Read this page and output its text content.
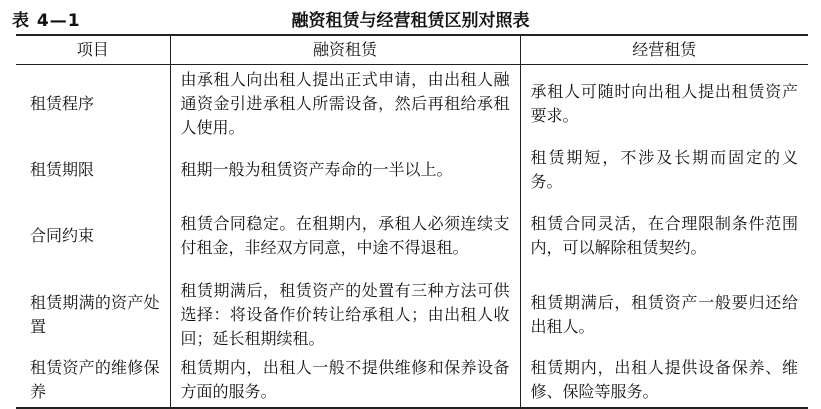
表 4—1	融资租赁与经营租赁区别对照表
项目	融资租赁	经营租赁
租赁程序	由承租人向出租人提出正式申请，由出租人融通资金引进承租人所需设备，然后再租给承租人使用。	承租人可随时向出租人提出租赁资产要求。
租赁期限	租期一般为租赁资产寿命的一半以上。	租赁期短，不涉及长期而固定的义务。
合同约束	租赁合同稳定。在租期内，承租人必须连续支付租金，非经双方同意，中途不得退租。	租赁合同灵活，在合理限制条件范围内，可以解除租赁契约。
租赁期满的资产处置	租赁期满后，租赁资产的处置有三种方法可供选择：将设备作价转让给承租人；由出租人收回；延长租期续租。	租赁期满后，租赁资产一般要归还给出租人。
租赁资产的维修保养	租赁期内，出租人一般不提供维修和保养设备方面的服务。	租赁期内，出租人提供设备保养、维修、保险等服务。
